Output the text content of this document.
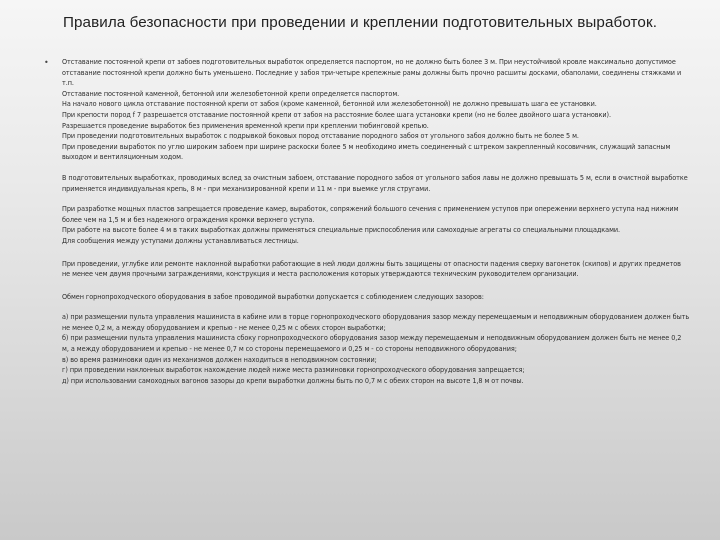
Правила безопасности при проведении и креплении подготовительных выработок.
• Отставание постоянной крепи от забоев подготовительных выработок определяется паспортом, но не должно быть более 3 м. При неустойчивой кровле максимально допустимое отставание постоянной крепи должно быть уменьшено. Последние у забоя три-четыре крепежные рамы должны быть прочно расшиты досками, обаполами, соединены стяжками и т.п.

Отставание постоянной каменной, бетонной или железобетонной крепи определяется паспортом.

На начало нового цикла отставание постоянной крепи от забоя (кроме каменной, бетонной или железобетонной) не должно превышать шага ее установки.

При крепости пород f 7 разрешается отставание постоянной крепи от забоя на расстояние более шага установки крепи (но не более двойного шага установки).

Разрешается проведение выработок без применения временной крепи при креплении тюбинговой крепью.

При проведении подготовительных выработок с подрывкой боковых пород отставание породного забоя от угольного забоя должно быть не более 5 м.

При проведении выработок по углю широким забоем при ширине раскоски более 5 м необходимо иметь соединенный с штреком закрепленный косовичник, служащий запасным выходом и вентиляционным ходом.

В подготовительных выработках, проводимых вслед за очистным забоем, отставание породного забоя от угольного забоя лавы не должно превышать 5 м, если в очистной выработке применяется индивидуальная крепь, 8 м - при механизированной крепи и 11 м - при выемке угля стругами.

При разработке мощных пластов запрещается проведение камер, выработок, сопряжений большого сечения с применением уступов при опережении верхнего уступа над нижним более чем на 1,5 м и без надежного ограждения кромки верхнего уступа.

При работе на высоте более 4 м в таких выработках должны применяться специальные приспособления или самоходные агрегаты со специальными площадками.

Для сообщения между уступами должны устанавливаться лестницы.

При проведении, углубке или ремонте наклонной выработки работающие в ней люди должны быть защищены от опасности падения сверху вагонеток (скипов) и других предметов не менее чем двумя прочными заграждениями, конструкция и места расположения которых утверждаются техническим руководителем организации.

Обмен горнопроходческого оборудования в забое проводимой выработки допускается с соблюдением следующих зазоров:

а) при размещении пульта управления машиниста в кабине или в торце горнопроходческого оборудования зазор между перемещаемым и неподвижным оборудованием должен быть не менее 0,2 м, а между оборудованием и крепью - не менее 0,25 м с обеих сторон выработки;

б) при размещении пульта управления машиниста сбоку горнопроходческого оборудования зазор между перемещаемым и неподвижным оборудованием должен быть не менее 0,2 м, а между оборудованием и крепью - не менее 0,7 м со стороны перемещаемого и 0,25 м - со стороны неподвижного оборудования;

в) во время разминовки один из механизмов должен находиться в неподвижном состоянии;

г) при проведении наклонных выработок нахождение людей ниже места разминовки горнопроходческого оборудования запрещается;

д) при использовании самоходных вагонов зазоры до крепи выработки должны быть по 0,7 м с обеих сторон на высоте 1,8 м от почвы.
